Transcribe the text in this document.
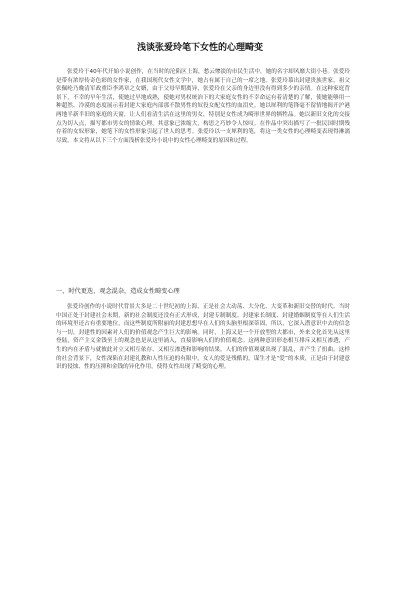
浅谈张爱玲笔下女性的心理畸变
张爱玲于40年代开始小说创作，在当时的沦陷区上海，愁云惨淡的市民生活中，她的名字却风靡大街小巷。张爱玲是带有浓厚传奇色彩的女作家，在我国现代女性文学中，她占有属于自己的一席之地。张爱玲慕出封建贵族世家，祖父张佩纶乃晚清军政重臣李鸿章之女婿，由于父母早期离异，张爱玲在父亲的身边里没有得到多少的亲情。在这种家庭背景下，不幸的早年生活，使她过早地成熟，使她对男权统治下的大家庭女性的不幸命运有着清楚的了解，使她能够用一种超然、冷漠的态度展示着封建大家庭内部那不散男性的奴役女配女性的血泪史。她以犀利的笔锋毫不留情地揭开沪港两地半新半旧的家庭的天窗，让人们看清生活在这里的男女，特别是女性成为畸形世界的牺牲品。她以新旧文化的交接点为切入点，描写都市男女的情欲心理，其意象已浓缩大，构思之巧妙令人惊叹。在作品中突出描写了一批民国时期残存着的女奴形象，她笔下的女性形象引起了世人的思考。张爱玲以一支犀利的笔，将这一类女性的心理畸变表现得淋漓尽致。本文将从以下三个方面浅析张爱玲小说中的女性心理畸变的原因和过程。
一、时代更迭、观念混杂，造成女性畸变心理
张爱玲创作的小说时代背景大多是二十世纪初的上海，正是社会大动荡、大分化、大变革和新旧交替的时代。当时中国正处于封建社会末期，新的社会制度还没有正式形成，封建专制制度、封建家长制度、封建婚姻制度等在人们生活的环境里还占有重要地位，而这些制度所附丽的封建思想早在人们的头脑里根深蒂固，所以，它深入潜意识中去的信念与一切，封建性的因素对人们的价值观念产生巨大的影响。同时，上海又是一个开放型的大都市，外来文化首先从这里登陆，资产主义金钱至上的观念也是从这里涌入，直接影响人们的价值观念。这两种意识形态相互排斥又相互渗透，产生的内在矛盾与就彼此对立又相互依存、又相互渗透和影响的结果，人们的价值观就出现了混乱，并产生了扭曲。这样的社会背景下，女性深陷在封建礼教和人性压迫的有限中，女人的爱是残酷的，谋生才是“爱”的本质，正是由于封建意识的侵蚀、性的压抑和金钱的异化作用，使得女性出现了畸变的心理。
